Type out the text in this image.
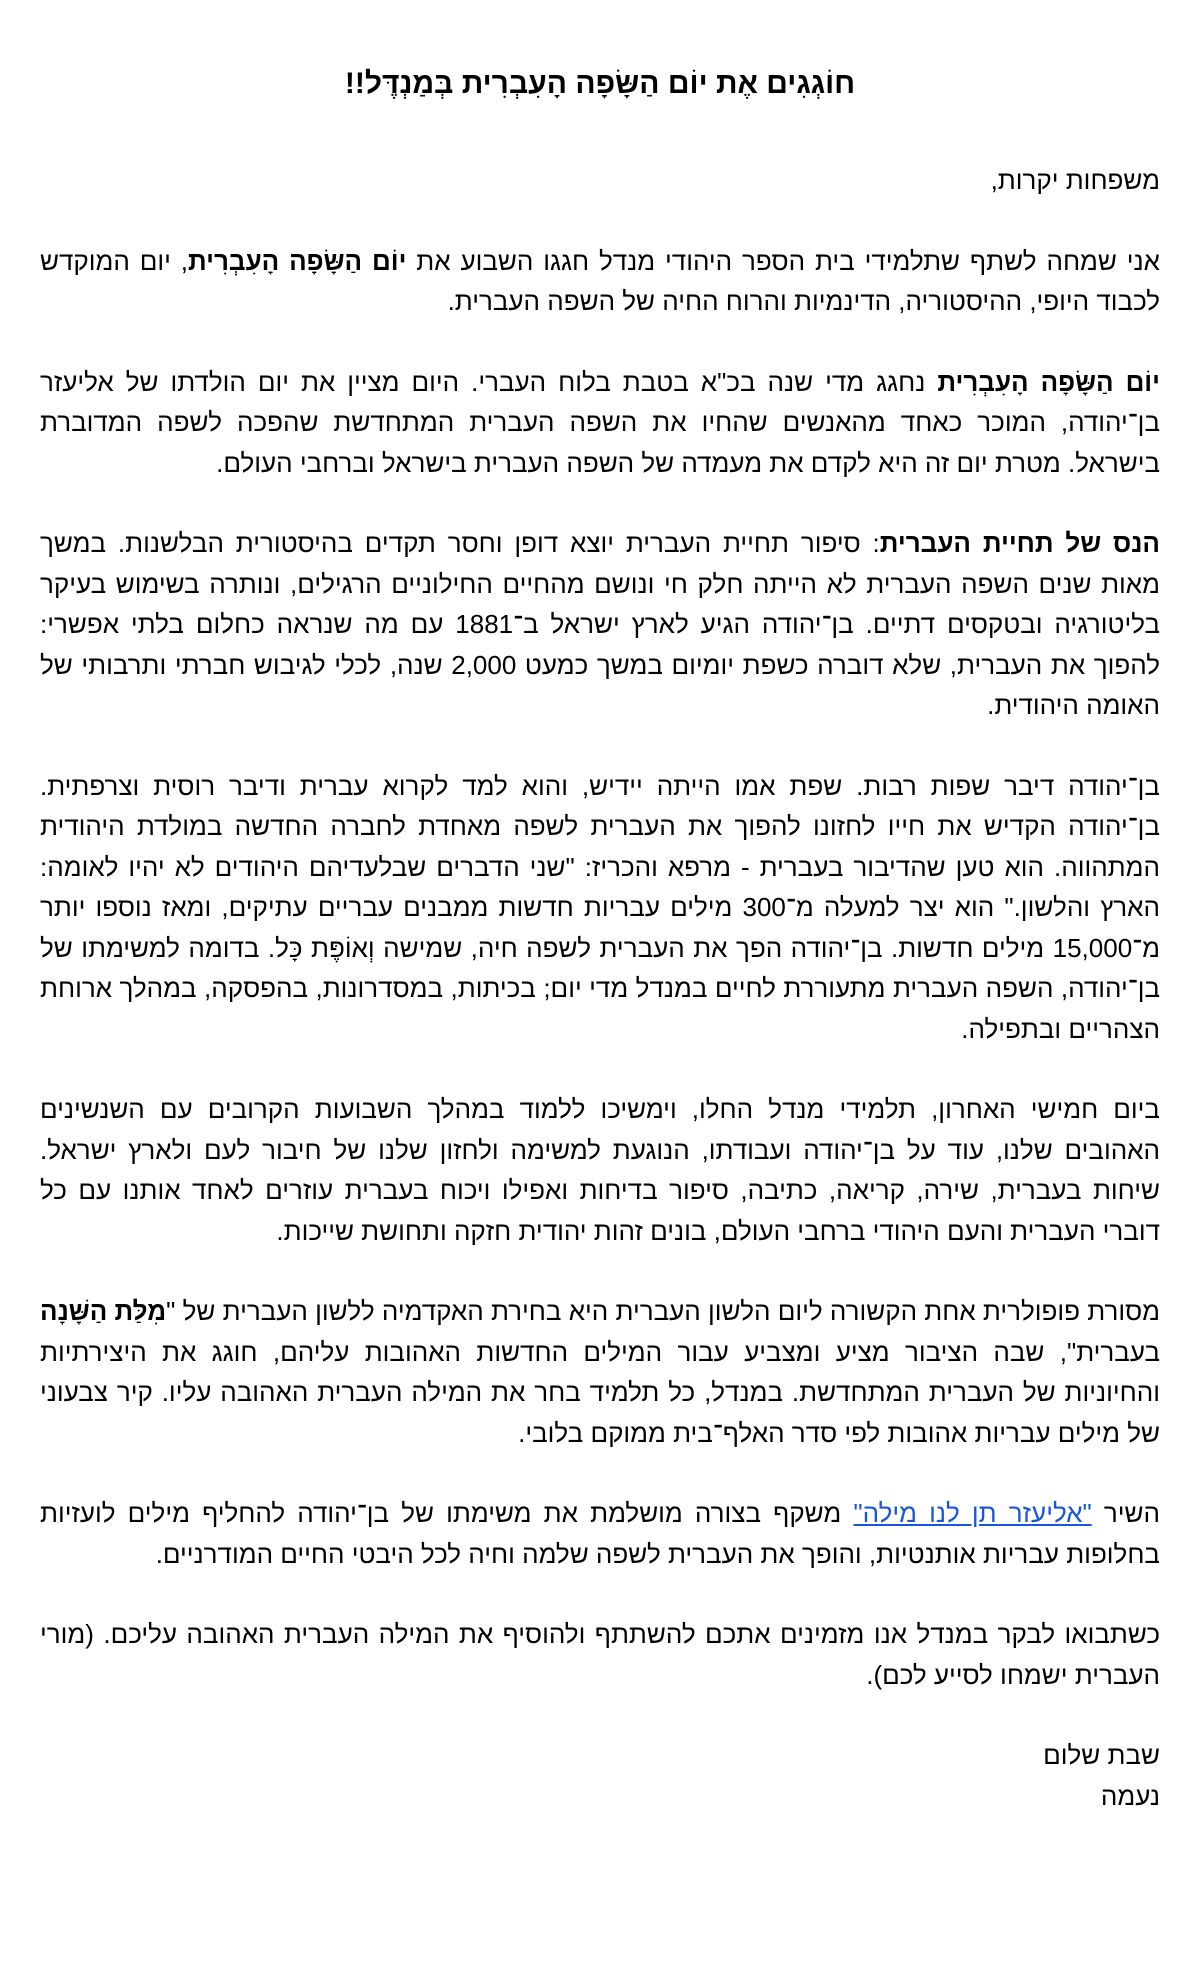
חוֹגְגִים אֶת יוֹם הַשָּׂפָה הָעִבְרִית בְּמַנְדֶּל!!

משפחות יקרות,

אני שמחה לשתף שתלמידי בית הספר היהודי מנדל חגגו השבוע את יוֹם הַשָּׂפָה הָעִבְרִית, יום המוקדש לכבוד היופי, ההיסטוריה, הדינמיות והרוח החיה של השפה העברית.

יוֹם הַשָּׂפָה הָעִבְרִית נחגג מדי שנה בכ"א בטבת בלוח העברי. היום מציין את יום הולדתו של אליעזר בן־יהודה, המוכר כאחד מהאנשים שהחיו את השפה העברית המתחדשת שהפכה לשפה המדוברת בישראל. מטרת יום זה היא לקדם את מעמדה של השפה העברית בישראל וברחבי העולם.

הנס של תחיית העברית: סיפור תחיית העברית יוצא דופן וחסר תקדים בהיסטורית הבלשנות. במשך מאות שנים השפה העברית לא הייתה חלק חי ונושם מהחיים החילוניים הרגילים, ונותרה בשימוש בעיקר בליטורגיה ובטקסים דתיים. בן־יהודה הגיע לארץ ישראל ב־1881 עם מה שנראה כחלום בלתי אפשרי: להפוך את העברית, שלא דוברה כשפת יומיום במשך כמעט 2,000 שנה, לכלי לגיבוש חברתי ותרבותי של האומה היהודית.

בן־יהודה דיבר שפות רבות. שפת אמו הייתה יידיש, והוא למד לקרוא עברית ודיבר רוסית וצרפתית. בן־יהודה הקדיש את חייו לחזונו להפוך את העברית לשפה מאחדת לחברה החדשה במולדת היהודית המתהווה. הוא טען שהדיבור בעברית - מרפא והכריז: "שני הדברים שבלעדיהם היהודים לא יהיו לאומה: הארץ והלשון." הוא יצר למעלה מ־300 מילים עבריות חדשות ממבנים עבריים עתיקים, ומאז נוספו יותר מ־15,000 מילים חדשות. בן־יהודה הפך את העברית לשפה חיה, שמישה וְאוֹפֶּת כָּל. בדומה למשימתו של בן־יהודה, השפה העברית מתעוררת לחיים במנדל מדי יום; בכיתות, במסדרונות, בהפסקה, במהלך ארוחת הצהריים ובתפילה.

ביום חמישי האחרון, תלמידי מנדל החלו, וימשיכו ללמוד במהלך השבועות הקרובים עם השנשינים האהובים שלנו, עוד על בן־יהודה ועבודתו, הנוגעת למשימה ולחזון שלנו של חיבור לעם ולארץ ישראל. שיחות בעברית, שירה, קריאה, כתיבה, סיפור בדיחות ואפילו ויכוח בעברית עוזרים לאחד אותנו עם כל דוברי העברית והעם היהודי ברחבי העולם, בונים זהות יהודית חזקה ותחושת שייכות.

מסורת פופולרית אחת הקשורה ליום הלשון העברית היא בחירת האקדמיה ללשון העברית של "מִלַּת הַשָּׁנָה בעברית", שבה הציבור מציע ומצביע עבור המילים החדשות האהובות עליהם, חוגג את היצירתיות והחיוניות של העברית המתחדשת. במנדל, כל תלמיד בחר את המילה העברית האהובה עליו. קיר צבעוני של מילים עבריות אהובות לפי סדר האלף־בית ממוקם בלובי.

השיר "אליעזר תן לנו מילה" משקף בצורה מושלמת את משימתו של בן־יהודה להחליף מילים לועזיות בחלופות עבריות אותנטיות, והופך את העברית לשפה שלמה וחיה לכל היבטי החיים המודרניים.

כשתבואו לבקר במנדל אנו מזמינים אתכם להשתתף ולהוסיף את המילה העברית האהובה עליכם. (מורי העברית ישמחו לסייע לכם).

שבת שלום

נעמה
